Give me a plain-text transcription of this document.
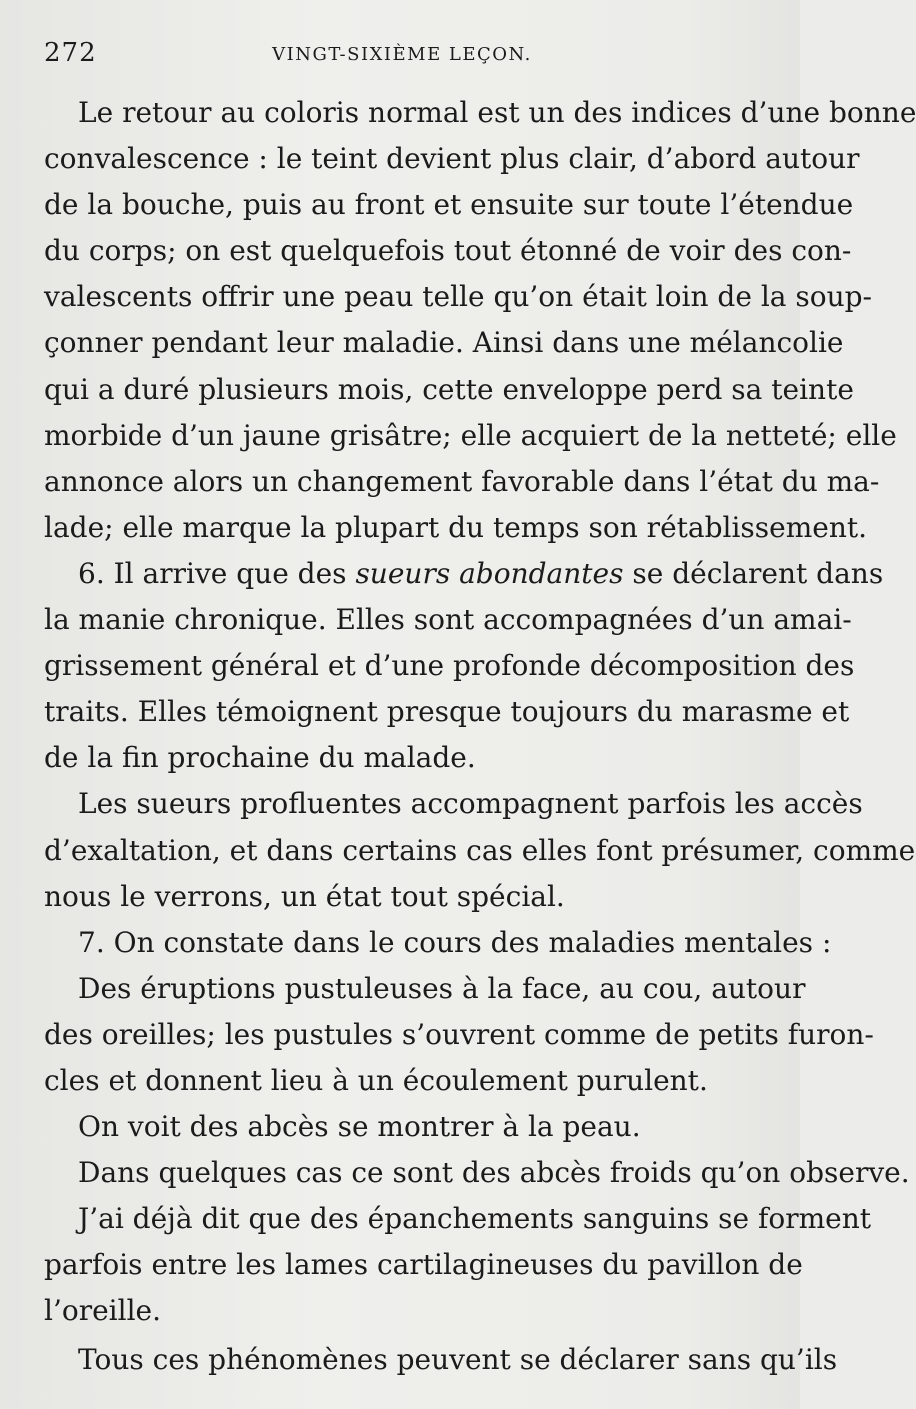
272	VINGT-SIXIÈME LEÇON.
Le retour au coloris normal est un des indices d’une bonne
convalescence : le teint devient plus clair, d’abord autour
de la bouche, puis au front et ensuite sur toute l’étendue
du corps; on est quelquefois tout étonné de voir des con-
valescents offrir une peau telle qu’on était loin de la soup-
çonner pendant leur maladie. Ainsi dans une mélancolie
qui a duré plusieurs mois, cette enveloppe perd sa teinte
morbide d’un jaune grisâtre; elle acquiert de la netteté; elle
annonce alors un changement favorable dans l’état du ma-
lade; elle marque la plupart du temps son rétablissement.
6. Il arrive que des sueurs abondantes se déclarent dans
la manie chronique. Elles sont accompagnées d’un amai-
grissement général et d’une profonde décomposition des
traits. Elles témoignent presque toujours du marasme et
de la fin prochaine du malade.
Les sueurs profluentes accompagnent parfois les accès
d’exaltation, et dans certains cas elles font présumer, comme
nous le verrons, un état tout spécial.
7. On constate dans le cours des maladies mentales :
Des éruptions pustuleuses à la face, au cou, autour
des oreilles; les pustules s’ouvrent comme de petits furon-
cles et donnent lieu à un écoulement purulent.
On voit des abcès se montrer à la peau.
Dans quelques cas ce sont des abcès froids qu’on observe.
J’ai déjà dit que des épanchements sanguins se forment
parfois entre les lames cartilagineuses du pavillon de
l’oreille.
Tous ces phénomènes peuvent se déclarer sans qu’ils
